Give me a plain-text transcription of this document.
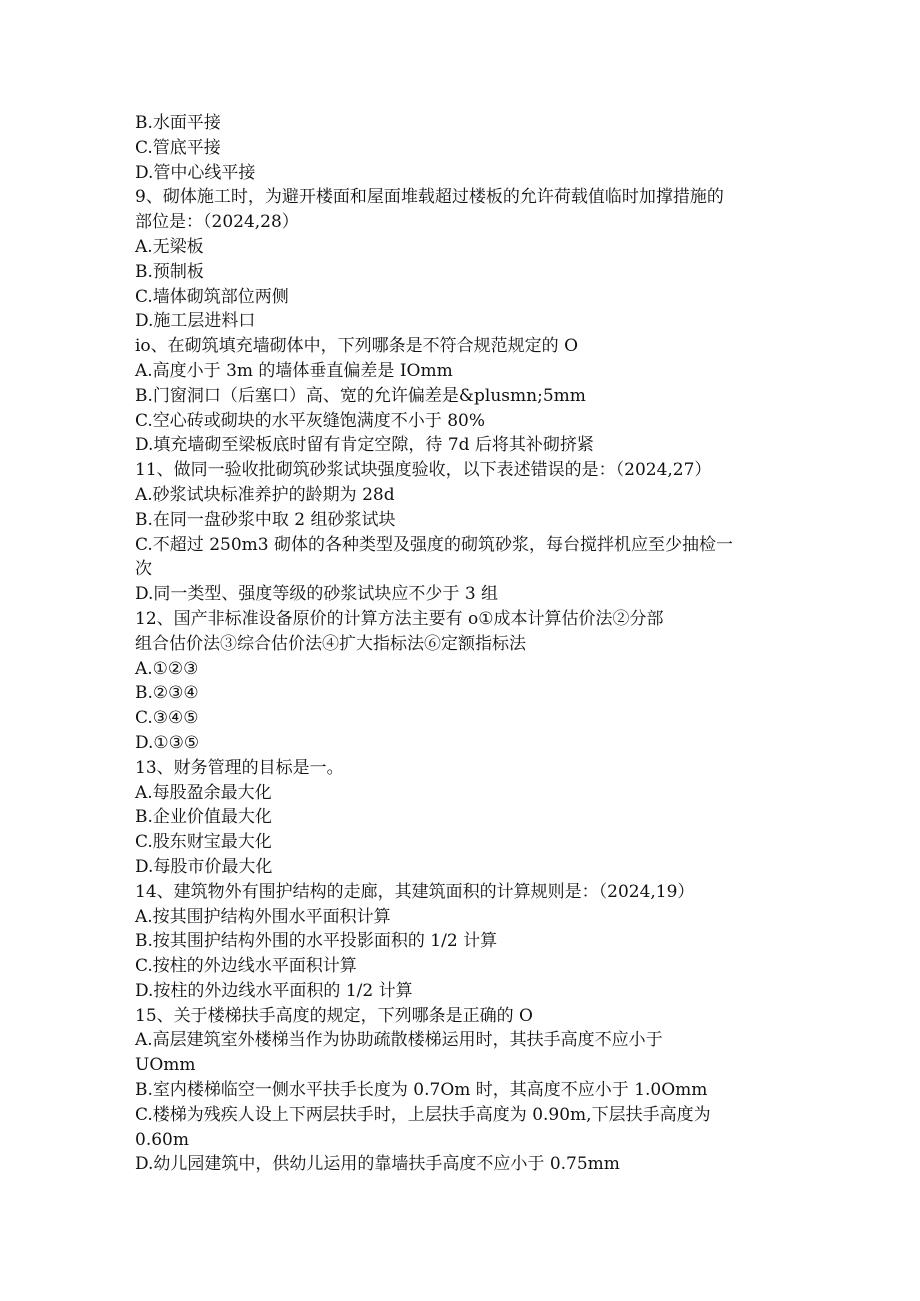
B.水面平接
C.管底平接
D.管中心线平接
9、砌体施工时，为避开楼面和屋面堆载超过楼板的允许荷载值临时加撑措施的
部位是：（2024,28）
A.无梁板
B.预制板
C.墙体砌筑部位两侧
D.施工层进料口
io、在砌筑填充墙砌体中，下列哪条是不符合规范规定的 O
A.高度小于 3m 的墙体垂直偏差是 IOmm
B.门窗洞口（后塞口）高、宽的允许偏差是&plusmn;5mm
C.空心砖或砌块的水平灰缝饱满度不小于 80%
D.填充墙砌至梁板底时留有肯定空隙，待 7d 后将其补砌挤紧
11、做同一验收批砌筑砂浆试块强度验收，以下表述错误的是：（2024,27）
A.砂浆试块标准养护的龄期为 28d
B.在同一盘砂浆中取 2 组砂浆试块
C.不超过 250m3 砌体的各种类型及强度的砌筑砂浆，每台搅拌机应至少抽检一
次
D.同一类型、强度等级的砂浆试块应不少于 3 组
12、国产非标准设备原价的计算方法主要有 o①成本计算估价法②分部
组合估价法③综合估价法④扩大指标法⑥定额指标法
A.①②③
B.②③④
C.③④⑤
D.①③⑤
13、财务管理的目标是一。
A.每股盈余最大化
B.企业价值最大化
C.股东财宝最大化
D.每股市价最大化
14、建筑物外有围护结构的走廊，其建筑面积的计算规则是：（2024,19）
A.按其围护结构外围水平面积计算
B.按其围护结构外围的水平投影面积的 1/2 计算
C.按柱的外边线水平面积计算
D.按柱的外边线水平面积的 1/2 计算
15、关于楼梯扶手高度的规定，下列哪条是正确的 O
A.高层建筑室外楼梯当作为协助疏散楼梯运用时，其扶手高度不应小于
UOmm
B.室内楼梯临空一侧水平扶手长度为 0.7Om 时，其高度不应小于 1.0Omm
C.楼梯为残疾人设上下两层扶手时，上层扶手高度为 0.90m,下层扶手高度为
0.60m
D.幼儿园建筑中，供幼儿运用的靠墙扶手高度不应小于 0.75mm
